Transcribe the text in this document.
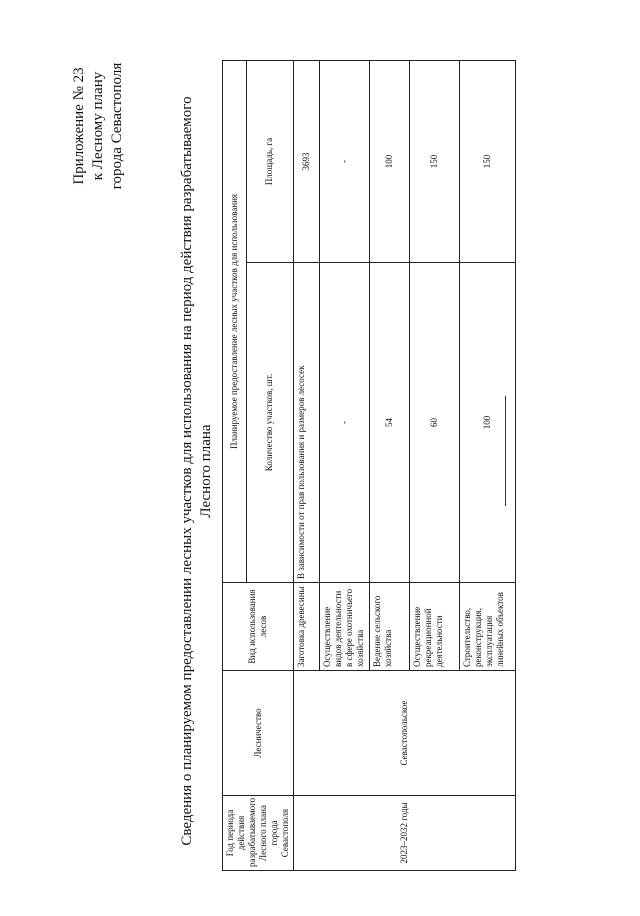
Приложение № 23 к Лесному плану города Севастополя	Сведения о планируемом предоставлении лесных участков для использования на период действия разрабатываемого Лесного плана
Год периода действия разрабатываемого Лесного плана города Севастополя	Лесничество	Вид использования лесов	Планируемое предоставление лесных участков для использования	
			Количество участков, шт.	Площадь, га
2023–2032 годы	Севастопольское	Заготовка древесины	В зависимости от прав пользования и размеров лесосек	3693
		Осуществление видов деятельности в сфере охотничьего хозяйства	-	-
		Ведение сельского хозяйства	54	100
		Осуществление рекреационной деятельности	60	150
		Строительство, реконструкция, эксплуатация линейных объектов	100	150
